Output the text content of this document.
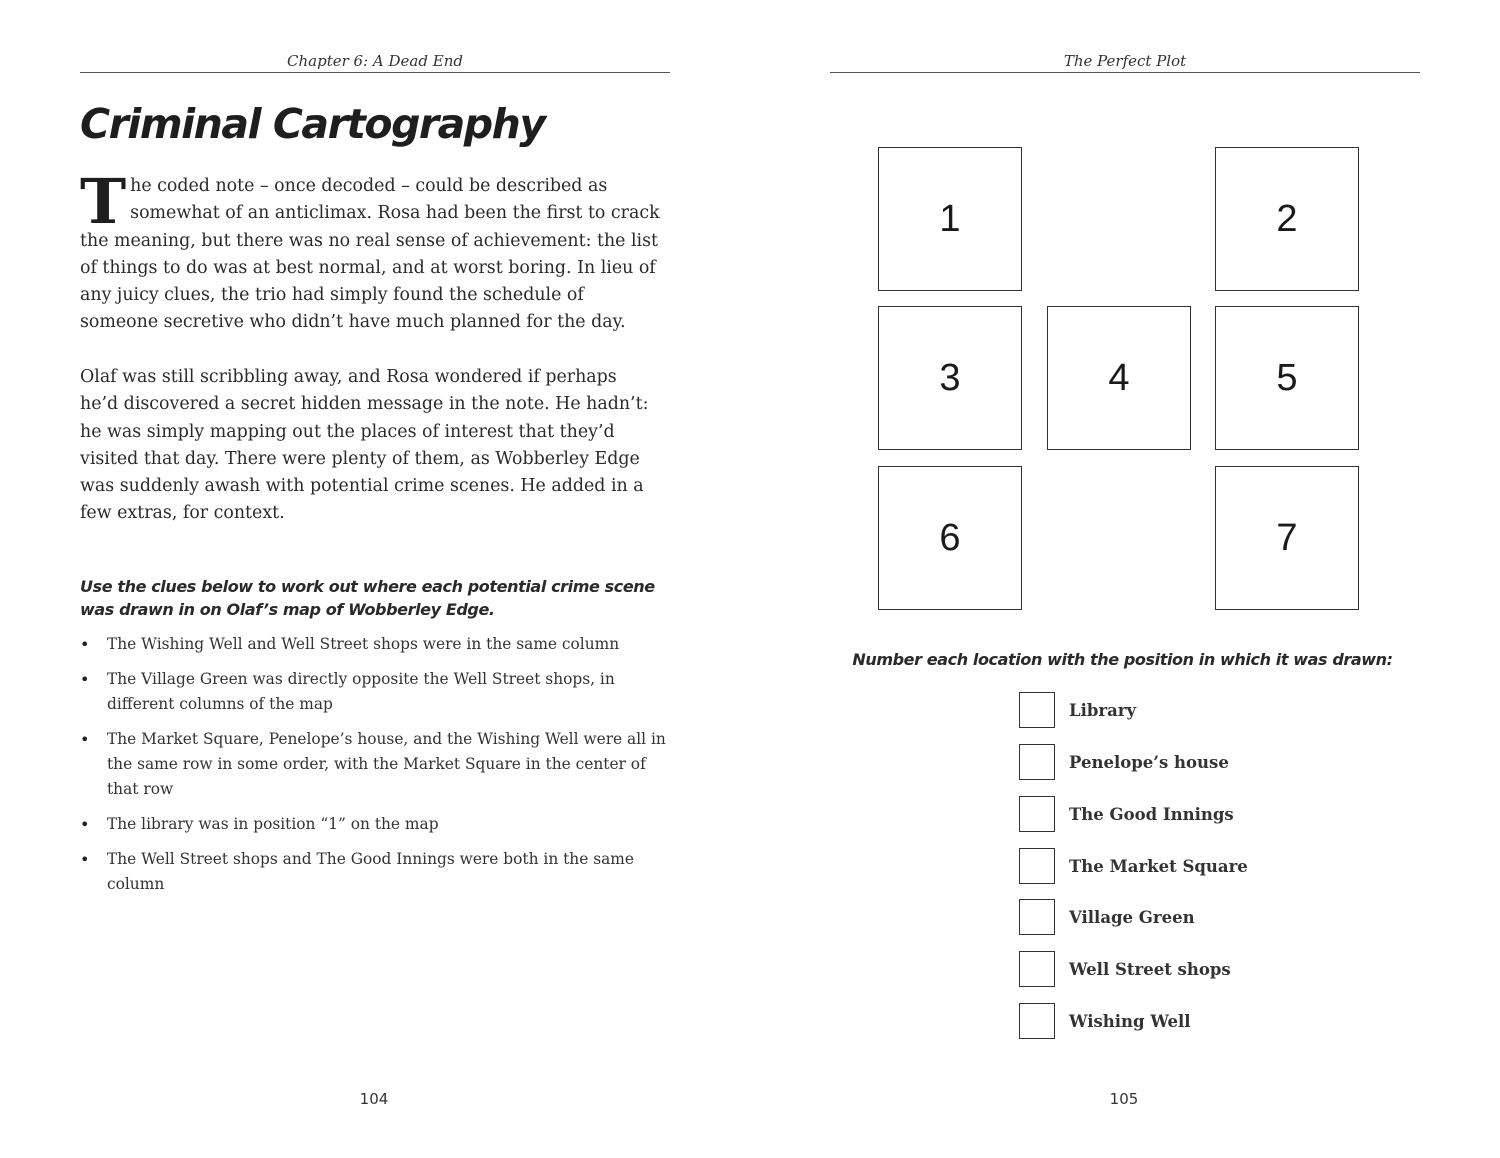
Chapter 6: A Dead End
Criminal Cartography

The coded note – once decoded – could be described as somewhat of an anticlimax. Rosa had been the first to crack the meaning, but there was no real sense of achievement: the list of things to do was at best normal, and at worst boring. In lieu of any juicy clues, the trio had simply found the schedule of someone secretive who didn’t have much planned for the day.

Olaf was still scribbling away, and Rosa wondered if perhaps he’d discovered a secret hidden message in the note. He hadn’t: he was simply mapping out the places of interest that they’d visited that day. There were plenty of them, as Wobberley Edge was suddenly awash with potential crime scenes. He added in a few extras, for context.

Use the clues below to work out where each potential crime scene was drawn in on Olaf’s map of Wobberley Edge.
• The Wishing Well and Well Street shops were in the same column
• The Village Green was directly opposite the Well Street shops, in different columns of the map
• The Market Square, Penelope’s house, and the Wishing Well were all in the same row in some order, with the Market Square in the center of that row
• The library was in position “1” on the map
• The Well Street shops and The Good Innings were both in the same column
104
The Perfect Plot
1	2
3	4	5
6	7
Number each location with the position in which it was drawn:
Library
Penelope’s house
The Good Innings
The Market Square
Village Green
Well Street shops
Wishing Well
105
